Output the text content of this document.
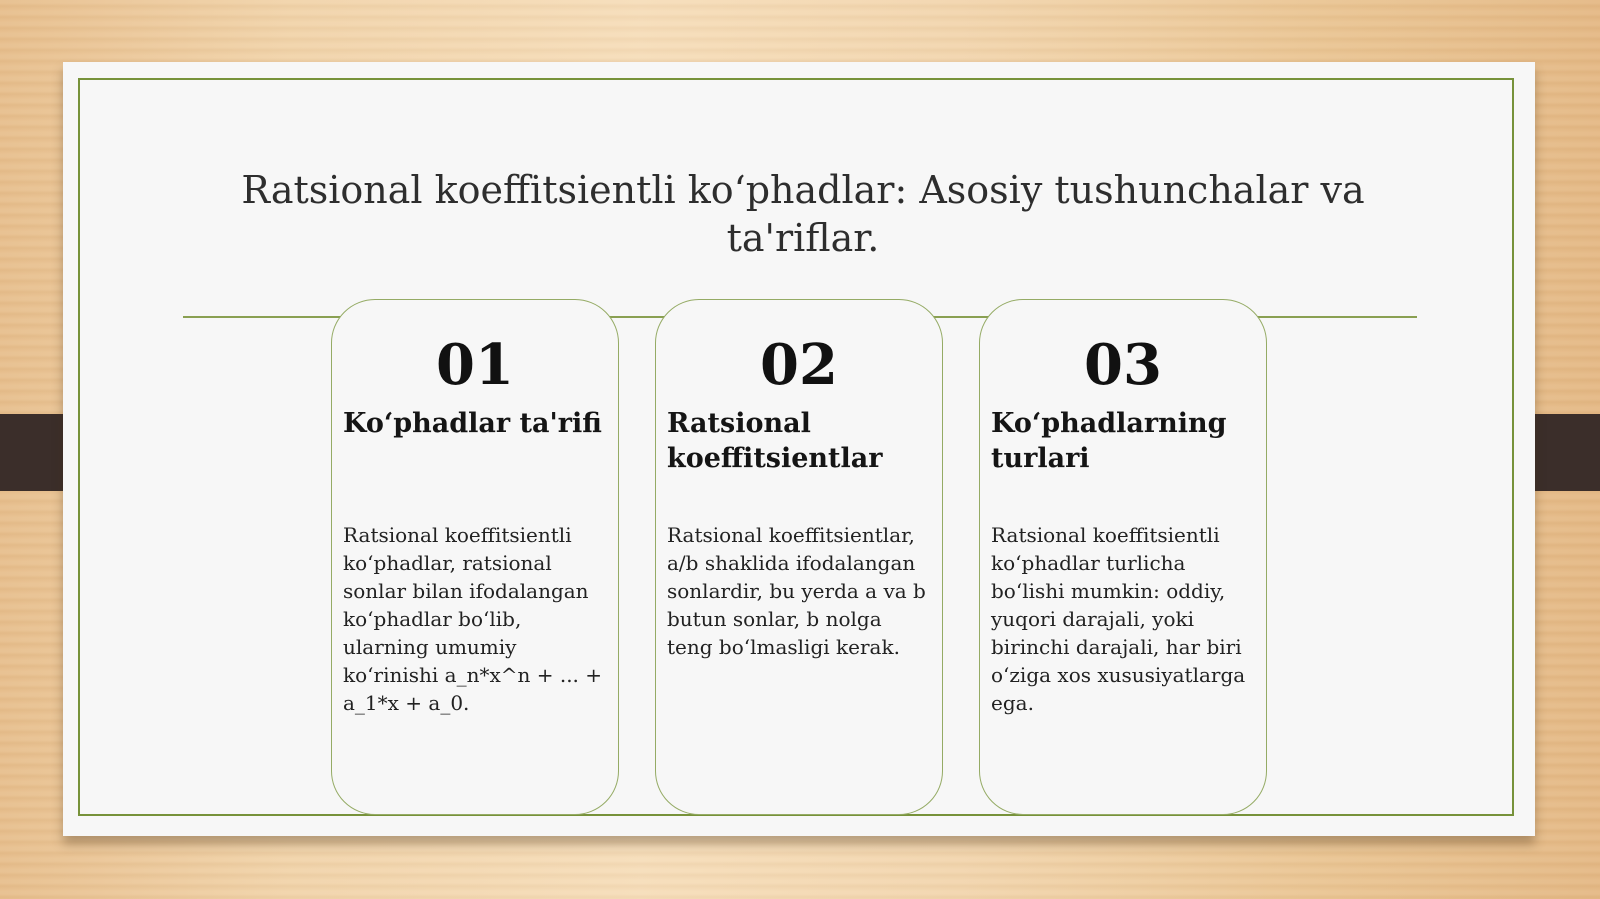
Ratsional koeffitsientli ko‘phadlar: Asosiy tushunchalar va ta'riflar.
01
Ko‘phadlar ta'rifi
Ratsional koeffitsientli ko‘phadlar, ratsional sonlar bilan ifodalangan ko‘phadlar bo‘lib, ularning umumiy ko‘rinishi a_n*x^n + ... + a_1*x + a_0.
02
Ratsional koeffitsientlar
Ratsional koeffitsientlar, a/b shaklida ifodalangan sonlardir, bu yerda a va b butun sonlar, b nolga teng bo‘lmasligi kerak.
03
Ko‘phadlarning turlari
Ratsional koeffitsientli ko‘phadlar turlicha bo‘lishi mumkin: oddiy, yuqori darajali, yoki birinchi darajali, har biri o‘ziga xos xususiyatlarga ega.
